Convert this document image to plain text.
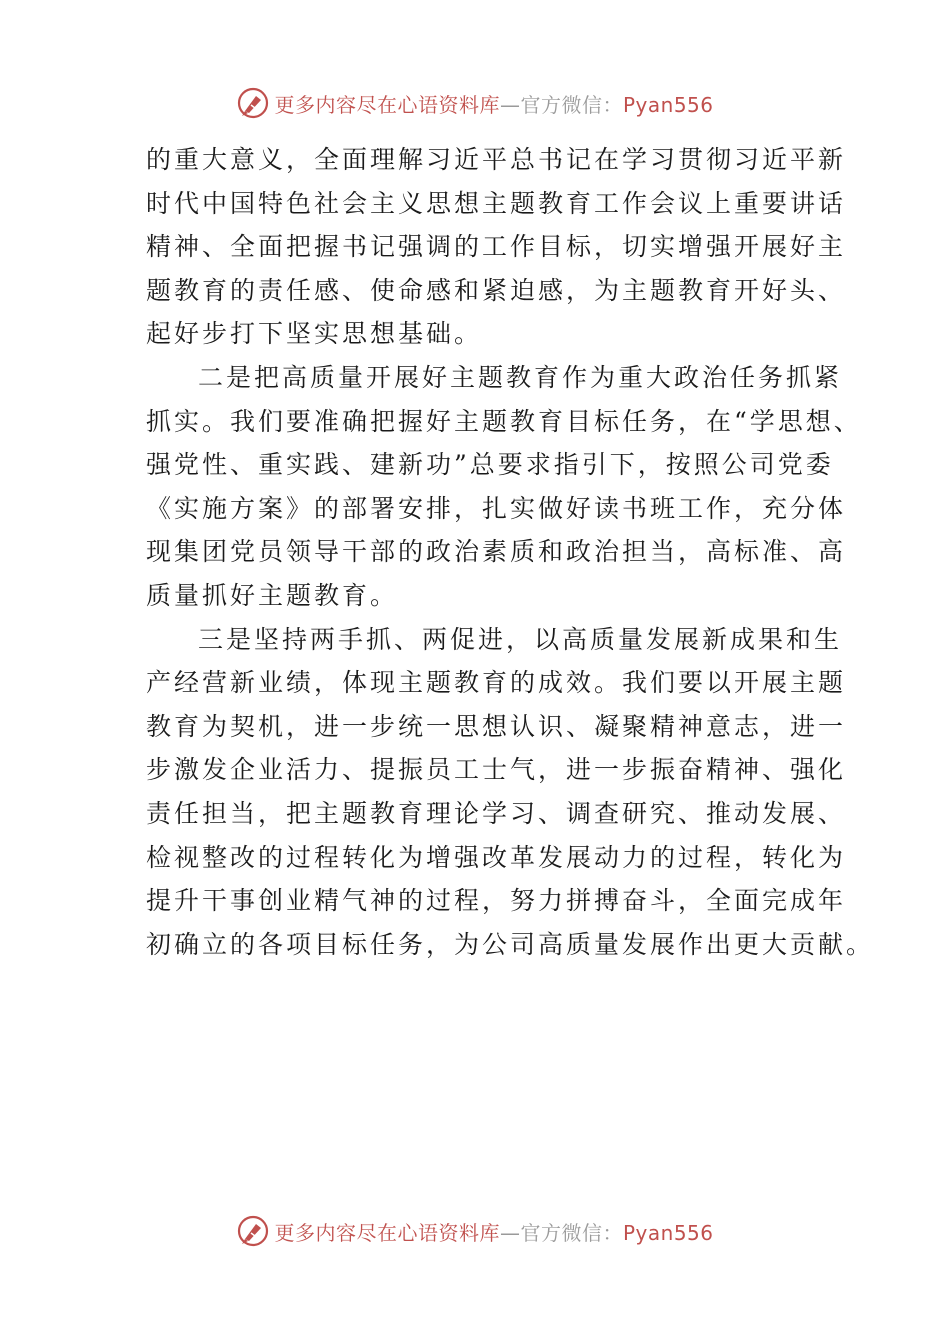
更多内容尽在心语资料库—官方微信：Pyan556
的重大意义，全面理解习近平总书记在学习贯彻习近平新
时代中国特色社会主义思想主题教育工作会议上重要讲话
精神、全面把握书记强调的工作目标，切实增强开展好主
题教育的责任感、使命感和紧迫感，为主题教育开好头、
起好步打下坚实思想基础。
二是把高质量开展好主题教育作为重大政治任务抓紧
抓实。我们要准确把握好主题教育目标任务，在“学思想、
强党性、重实践、建新功”总要求指引下，按照公司党委
《实施方案》的部署安排，扎实做好读书班工作，充分体
现集团党员领导干部的政治素质和政治担当，高标准、高
质量抓好主题教育。
三是坚持两手抓、两促进，以高质量发展新成果和生
产经营新业绩，体现主题教育的成效。我们要以开展主题
教育为契机，进一步统一思想认识、凝聚精神意志，进一
步激发企业活力、提振员工士气，进一步振奋精神、强化
责任担当，把主题教育理论学习、调查研究、推动发展、
检视整改的过程转化为增强改革发展动力的过程，转化为
提升干事创业精气神的过程，努力拼搏奋斗，全面完成年
初确立的各项目标任务，为公司高质量发展作出更大贡献。
更多内容尽在心语资料库—官方微信：Pyan556
